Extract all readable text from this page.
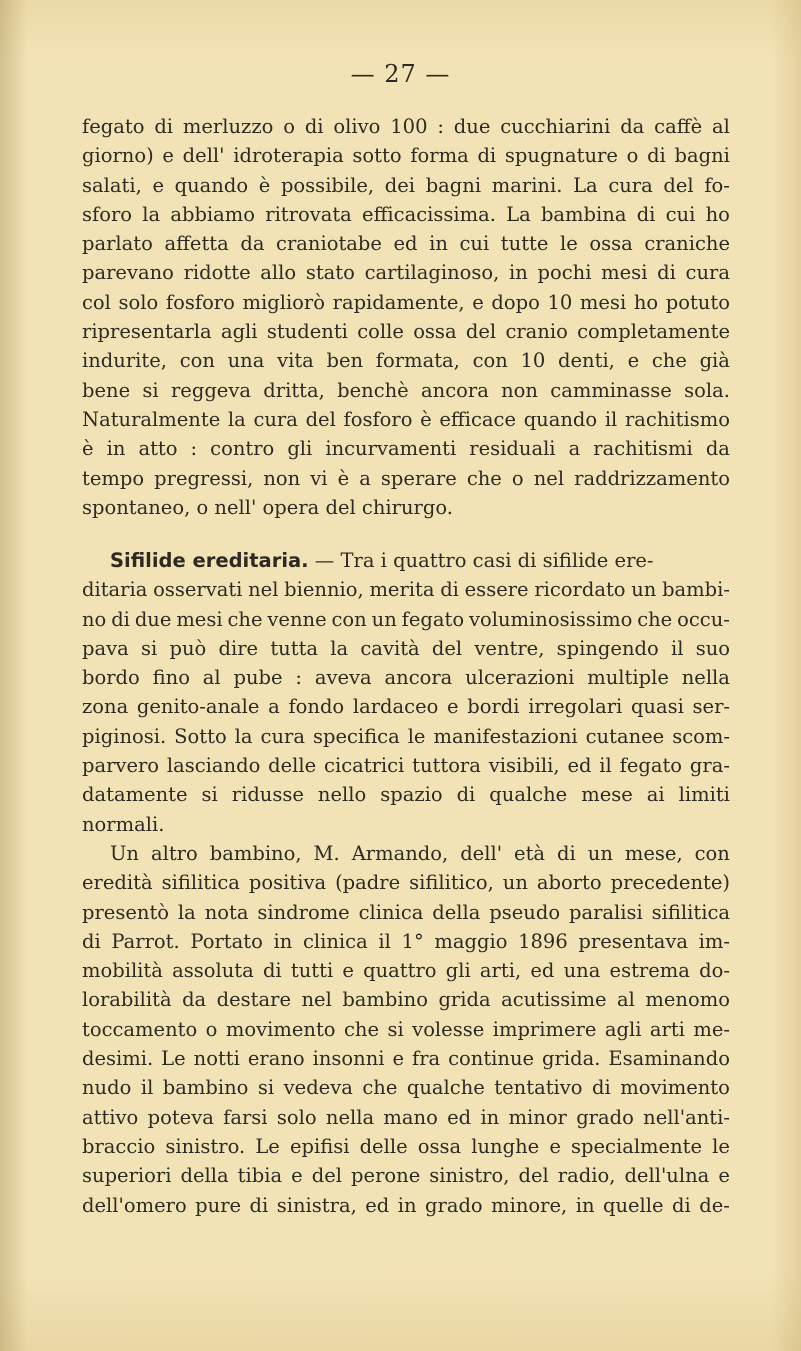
— 27 —
fegato di merluzzo o di olivo 100 : due cucchiarini da caffè al
giorno) e dell' idroterapia sotto forma di spugnature o di bagni
salati, e quando è possibile, dei bagni marini. La cura del fo-
sforo la abbiamo ritrovata efficacissima. La bambina di cui ho
parlato affetta da craniotabe ed in cui tutte le ossa craniche
parevano ridotte allo stato cartilaginoso, in pochi mesi di cura
col solo fosforo migliorò rapidamente, e dopo 10 mesi ho potuto
ripresentarla agli studenti colle ossa del cranio completamente
indurite, con una vita ben formata, con 10 denti, e che già
bene si reggeva dritta, benchè ancora non camminasse sola.
Naturalmente la cura del fosforo è efficace quando il rachitismo
è in atto : contro gli incurvamenti residuali a rachitismi da
tempo pregressi, non vi è a sperare che o nel raddrizzamento
spontaneo, o nell' opera del chirurgo.
Sifilide ereditaria. — Tra i quattro casi di sifilide ere-
ditaria osservati nel biennio, merita di essere ricordato un bambi-
no di due mesi che venne con un fegato voluminosissimo che occu-
pava si può dire tutta la cavità del ventre, spingendo il suo
bordo fino al pube : aveva ancora ulcerazioni multiple nella
zona genito-anale a fondo lardaceo e bordi irregolari quasi ser-
piginosi. Sotto la cura specifica le manifestazioni cutanee scom-
parvero lasciando delle cicatrici tuttora visibili, ed il fegato gra-
datamente si ridusse nello spazio di qualche mese ai limiti
normali.
Un altro bambino, M. Armando, dell' età di un mese, con
eredità sifilitica positiva (padre sifilitico, un aborto precedente)
presentò la nota sindrome clinica della pseudo paralisi sifilitica
di Parrot. Portato in clinica il 1° maggio 1896 presentava im-
mobilità assoluta di tutti e quattro gli arti, ed una estrema do-
lorabilità da destare nel bambino grida acutissime al menomo
toccamento o movimento che si volesse imprimere agli arti me-
desimi. Le notti erano insonni e fra continue grida. Esaminando
nudo il bambino si vedeva che qualche tentativo di movimento
attivo poteva farsi solo nella mano ed in minor grado nell'anti-
braccio sinistro. Le epifisi delle ossa lunghe e specialmente le
superiori della tibia e del perone sinistro, del radio, dell'ulna e
dell'omero pure di sinistra, ed in grado minore, in quelle di de-
